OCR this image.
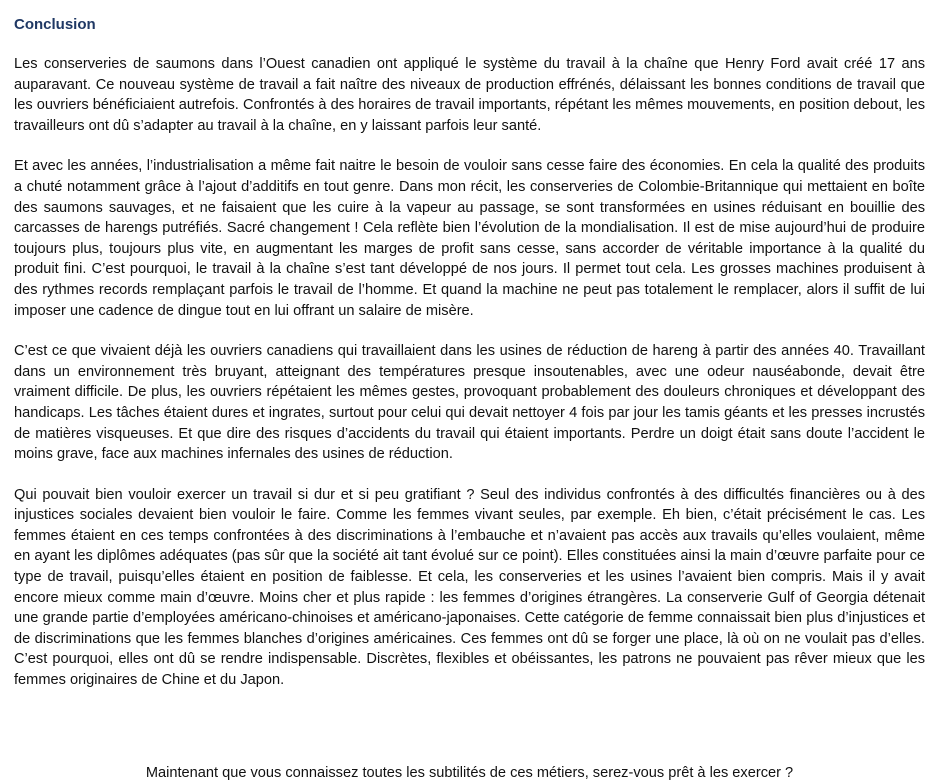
Conclusion

Les conserveries de saumons dans l’Ouest canadien ont appliqué le système du travail à la chaîne que Henry Ford avait créé 17 ans auparavant. Ce nouveau système de travail a fait naître des niveaux de production effrénés, délaissant les bonnes conditions de travail que les ouvriers bénéficiaient autrefois. Confrontés à des horaires de travail importants, répétant les mêmes mouvements, en position debout, les travailleurs ont dû s’adapter au travail à la chaîne, en y laissant parfois leur santé.

Et avec les années, l’industrialisation a même fait naitre le besoin de vouloir sans cesse faire des économies. En cela la qualité des produits a chuté notamment grâce à l’ajout d’additifs en tout genre. Dans mon récit, les conserveries de Colombie-Britannique qui mettaient en boîte des saumons sauvages, et ne faisaient que les cuire à la vapeur au passage, se sont transformées en usines réduisant en bouillie des carcasses de harengs putréfiés. Sacré changement ! Cela reflète bien l’évolution de la mondialisation. Il est de mise aujourd’hui de produire toujours plus, toujours plus vite, en augmentant les marges de profit sans cesse, sans accorder de véritable importance à la qualité du produit fini. C’est pourquoi, le travail à la chaîne s’est tant développé de nos jours. Il permet tout cela. Les grosses machines produisent à des rythmes records remplaçant parfois le travail de l’homme. Et quand la machine ne peut pas totalement le remplacer, alors il suffit de lui imposer une cadence de dingue tout en lui offrant un salaire de misère.

C’est ce que vivaient déjà les ouvriers canadiens qui travaillaient dans les usines de réduction de hareng à partir des années 40. Travaillant dans un environnement très bruyant, atteignant des températures presque insoutenables, avec une odeur nauséabonde, devait être vraiment difficile. De plus, les ouvriers répétaient les mêmes gestes, provoquant probablement des douleurs chroniques et développant des handicaps. Les tâches étaient dures et ingrates, surtout pour celui qui devait nettoyer 4 fois par jour les tamis géants et les presses incrustés de matières visqueuses. Et que dire des risques d’accidents du travail qui étaient importants. Perdre un doigt était sans doute l’accident le moins grave, face aux machines infernales des usines de réduction.

Qui pouvait bien vouloir exercer un travail si dur et si peu gratifiant ? Seul des individus confrontés à des difficultés financières ou à des injustices sociales devaient bien vouloir le faire. Comme les femmes vivant seules, par exemple. Eh bien, c’était précisément le cas. Les femmes étaient en ces temps confrontées à des discriminations à l’embauche et n’avaient pas accès aux travails qu’elles voulaient, même en ayant les diplômes adéquates (pas sûr que la société ait tant évolué sur ce point). Elles constituées ainsi la main d’œuvre parfaite pour ce type de travail, puisqu’elles étaient en position de faiblesse. Et cela, les conserveries et les usines l’avaient bien compris. Mais il y avait encore mieux comme main d’œuvre. Moins cher et plus rapide : les femmes d’origines étrangères. La conserverie Gulf of Georgia détenait une grande partie d’employées américano-chinoises et américano-japonaises. Cette catégorie de femme connaissait bien plus d’injustices et de discriminations que les femmes blanches d’origines américaines. Ces femmes ont dû se forger une place, là où on ne voulait pas d’elles. C’est pourquoi, elles ont dû se rendre indispensable. Discrètes, flexibles et obéissantes, les patrons ne pouvaient pas rêver mieux que les femmes originaires de Chine et du Japon.

Maintenant que vous connaissez toutes les subtilités de ces métiers, serez-vous prêt à les exercer ?
